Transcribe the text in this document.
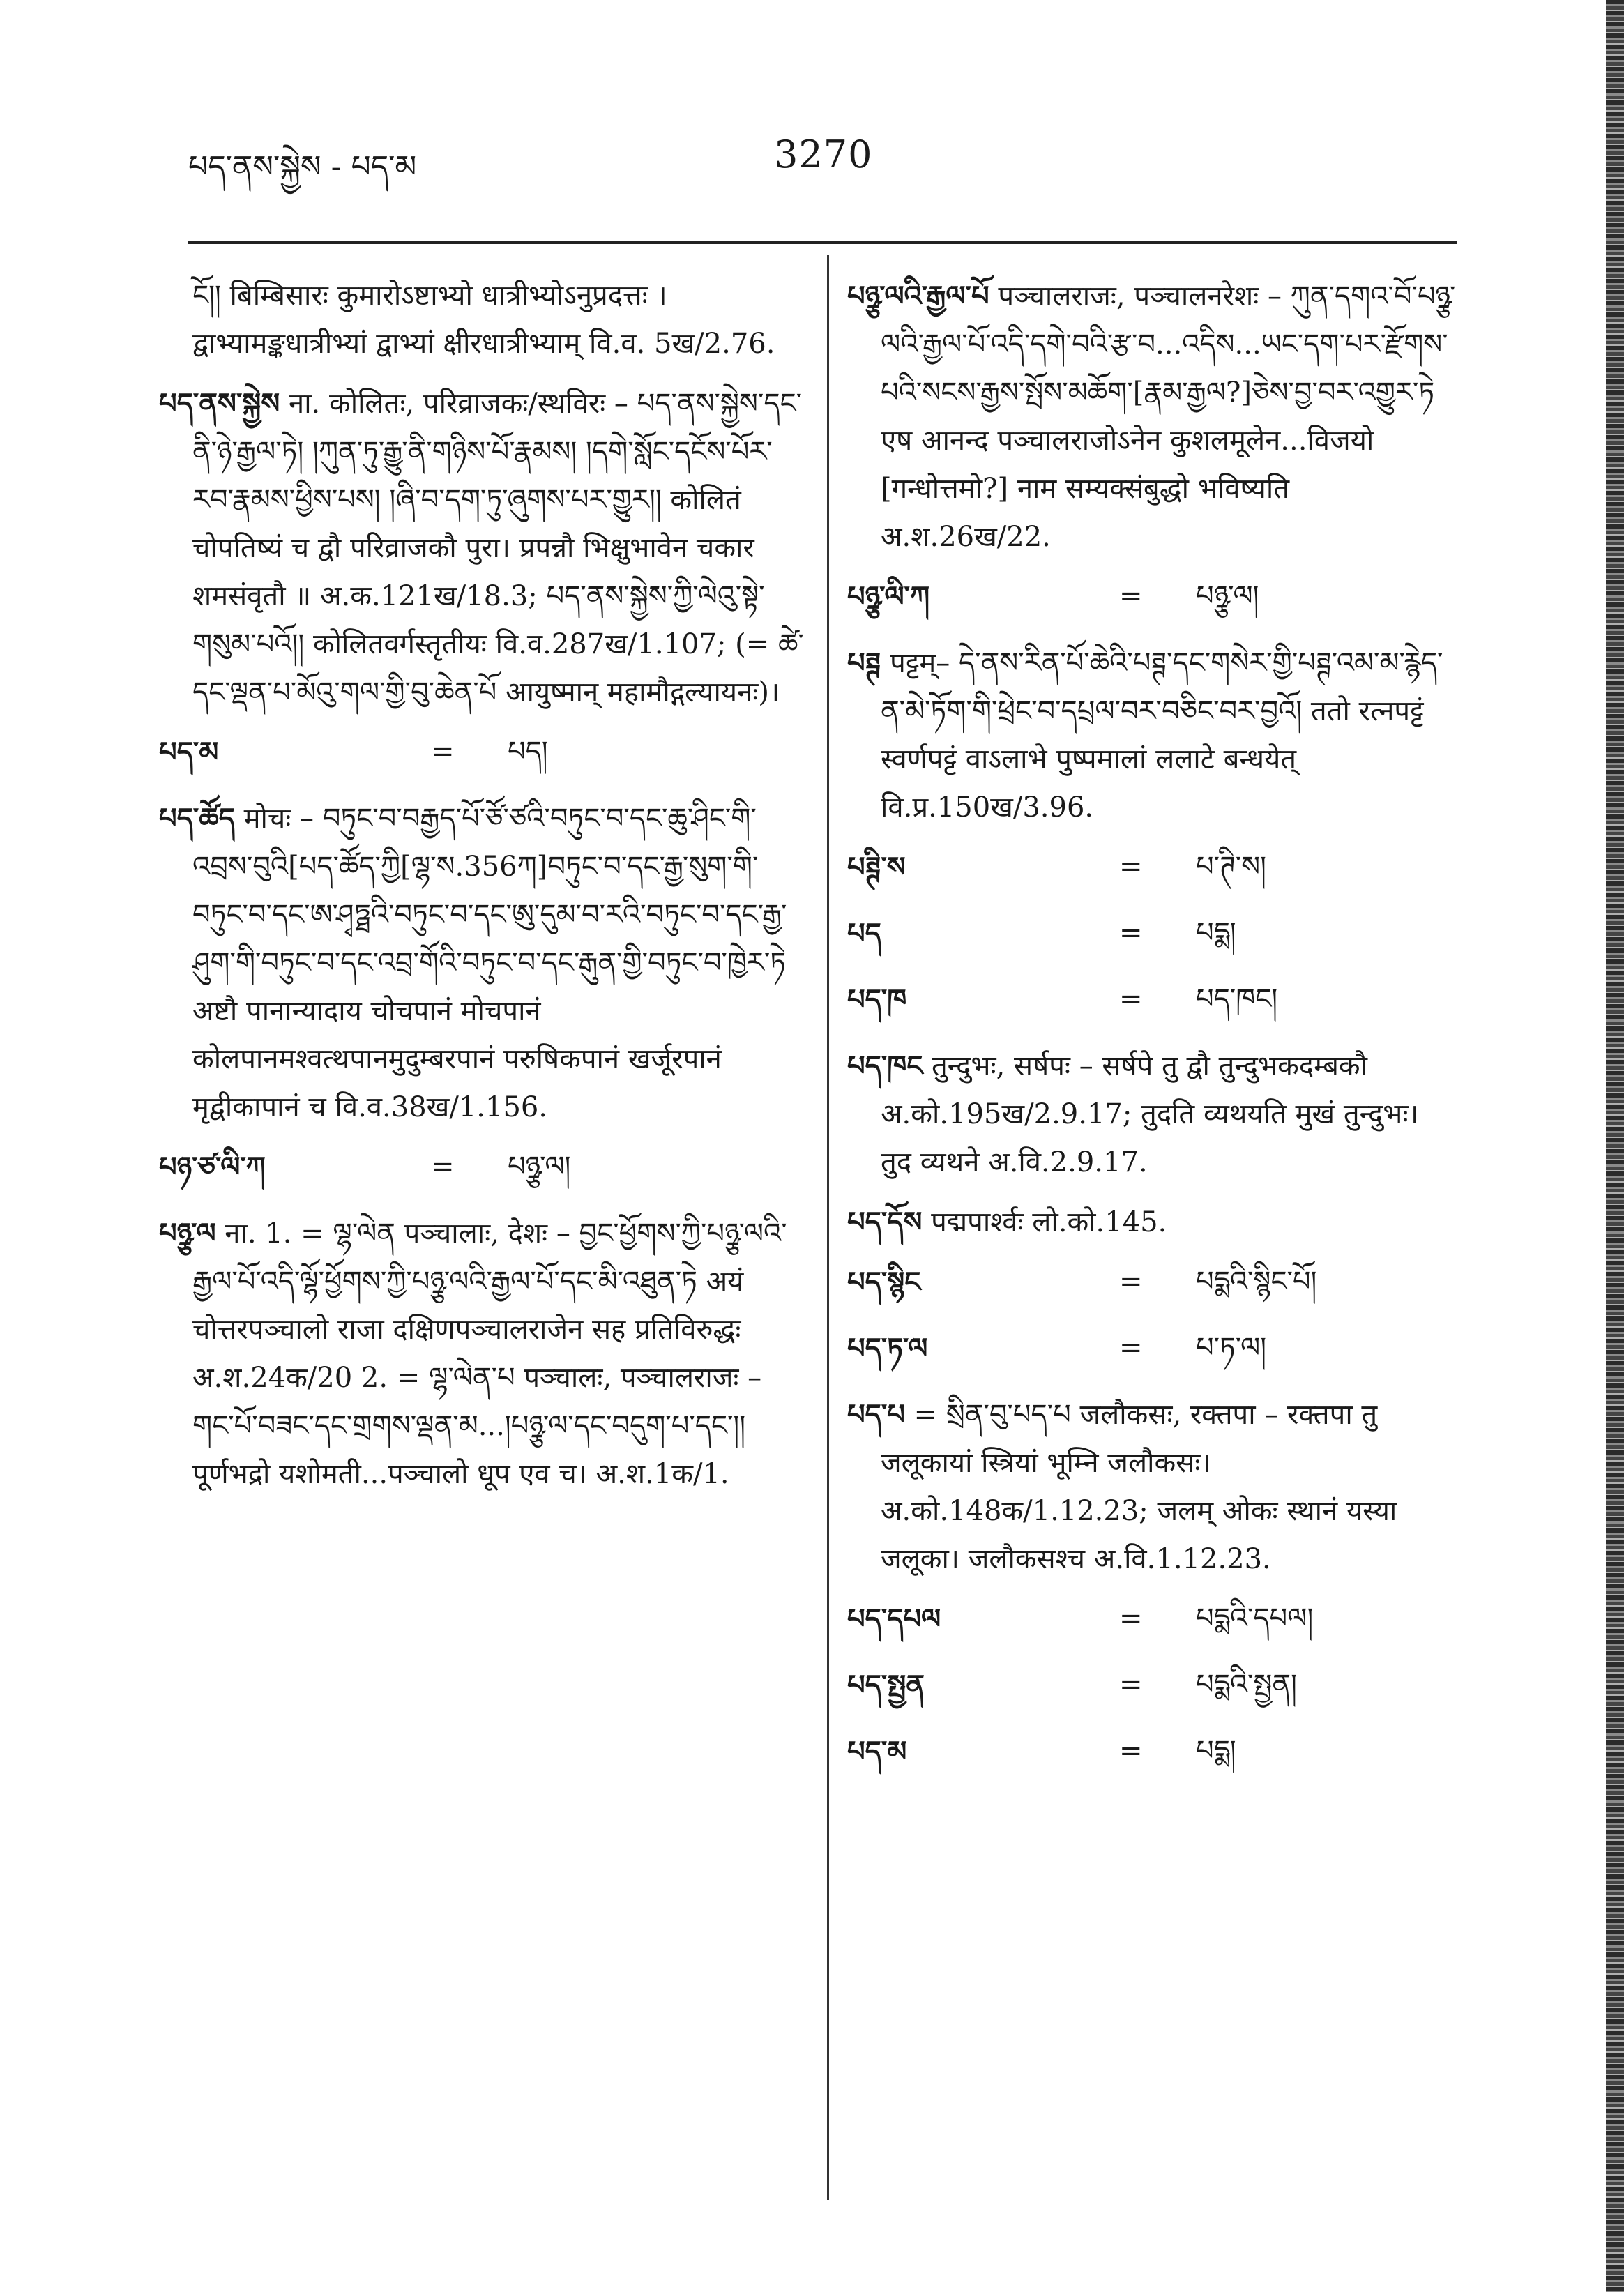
པད་ནས་སྐྱེས - པད་མ	3270

ངོ།། बिम्बिसारः कुमारोऽष्टाभ्यो धात्रीभ्योऽनुप्रदत्तः । द्वाभ्यामङ्कधात्रीभ्यां द्वाभ्यां क्षीरधात्रीभ्याम् वि.व. 5ख/2.76.

པད་ནས་སྐྱེས ना. कोलितः, परिव्राजकः/स्थविरः – པད་ནས་སྐྱེས་དང་ནི་ཉེ་རྒྱལ་ཏེ། །ཀུན་ཏུ་རྒྱུ་ནི་གཉིས་པོ་རྣམས། །དགེ་སློང་དངོས་པོར་རབ་རྣམས་ཕྱིས་པས། །ཞི་བ་དག་ཏུ་ཞུགས་པར་གྱུར།། कोलितं चोपतिष्यं च द्वौ परिव्राजकौ पुरा। प्रपन्नौ भिक्षुभावेन चकार शमसंवृतौ ॥ अ.क.121ख/18.3; པད་ནས་སྐྱེས་ཀྱི་ལེའུ་སྟེ་གསུམ་པའོ།། कोलितवर्गस्तृतीयः वि.व.287ख/1.107; (= ཚེ་དང་ལྡན་པ་མོའུ་གལ་གྱི་བུ་ཆེན་པོ आयुष्मान् महामौद्गल्यायनः)।

པད་མ	=	པད།

པད་ཚོད मोचः – བཏུང་བ་བརྒྱད་པོ་ཙོ་ཙའི་བཏུང་བ་དང་ཆུ་ཤིང་གི་འབྲས་བུའི[པད་ཚོད་ཀྱི[ལྷ་ས.356ཀ]བཏུང་བ་དང་རྒྱ་སུག་གི་བཏུང་བ་དང་ཨ་ཤྭཏྠའི་བཏུང་བ་དང་ཨུ་དུམ་བ་རའི་བཏུང་བ་དང་རྒྱ་ཤུག་གི་བཏུང་བ་དང་འབྲ་གོའི་བཏུང་བ་དང་རྒུན་གྱི་བཏུང་བ་ཁྱེར་ཏེ अष्टौ पानान्यादाय चोचपानं मोचपानं कोलपानमश्वत्थपानमुदुम्बरपानं परुषिकपानं खर्जूरपानं मृद्वीकापानं च वि.व.38ख/1.156.

པཉ་ཙ་ལི་ཀ	=	པཉྩ་ལ།

པཉྩ་ལ ना. 1. = ལྷ་ལེན पञ्चालाः, देशः – བྱང་ཕྱོགས་ཀྱི་པཉྩ་ལའི་རྒྱལ་པོ་འདི་ལྷོ་ཕྱོགས་ཀྱི་པཉྩ་ལའི་རྒྱལ་པོ་དང་མི་འཐུན་ཏེ अयं चोत्तरपञ्चालो राजा दक्षिणपञ्चालराजेन सह प्रतिविरुद्धः अ.श.24क/20 2. = ལྷ་ལེན་པ पञ्चालः, पञ्चालराजः – གང་པོ་བཟང་དང་གྲགས་ལྡན་མ...།པཉྩ་ལ་དང་བདུག་པ་དང་།། पूर्णभद्रो यशोमती...पञ्चालो धूप एव च। अ.श.1क/1.

པཉྩ་ལའི་རྒྱལ་པོ पञ्चालराजः, पञ्चालनरेशः – ཀུན་དགའ་བོ་པཉྩ་ལའི་རྒྱལ་པོ་འདི་དགེ་བའི་རྩ་བ...འདིས...ཡང་དག་པར་རྫོགས་པའི་སངས་རྒྱས་སྤོས་མཆོག་[རྣམ་རྒྱལ?]ཅེས་བྱ་བར་འགྱུར་ཏེ एष आनन्द पञ्चालराजोऽनेन कुशलमूलेन...विजयो [गन्धोत्तमो?] नाम सम्यक्संबुद्धो भविष्यति अ.श.26ख/22.

པཉྩ་ལི་ཀ	=	པཉྩ་ལ།

པཊྚ पट्टम्– དེ་ནས་རིན་པོ་ཆེའི་པཊྚ་དང་གསེར་གྱི་པཊྚ་འམ་མ་རྙེད་ན་མེ་ཏོག་གི་ཕྲེང་བ་དཔྲལ་བར་བཅིང་བར་བྱའོ། ततो रत्नपट्टं स्वर्णपट्टं वाऽलाभे पुष्पमालां ललाटे बन्धयेत् वि.प्र.150ख/3.96.

པཊྚི་ས	=	པ་ཊི་ས།
པད	=	པདྨ།
པད་ཁ	=	པད་ཁང།

པད་ཁང तुन्दुभः, सर्षपः – सर्षपे तु द्वौ तुन्दुभकदम्बकौ अ.को.195ख/2.9.17; तुदति व्यथयति मुखं तुन्दुभः। तुद व्यथने अ.वि.2.9.17.

པད་དོས पद्मपार्श्वः लो.को.145.

པད་སྙིང	=	པདྨའི་སྙིང་པོ།
པད་ཏ་ལ	=	པ་ཏ་ལ།

པད་པ = སྲིན་བུ་པད་པ जलौकसः, रक्तपा – रक्तपा तु जलूकायां स्त्रियां भूम्नि जलौकसः। अ.को.148क/1.12.23; जलम् ओकः स्थानं यस्या जलूका। जलौकसश्च अ.वि.1.12.23.

པད་དཔལ	=	པདྨའི་དཔལ།
པད་སྤྱན	=	པདྨའི་སྤྱན།
པད་མ	=	པདྨ།
